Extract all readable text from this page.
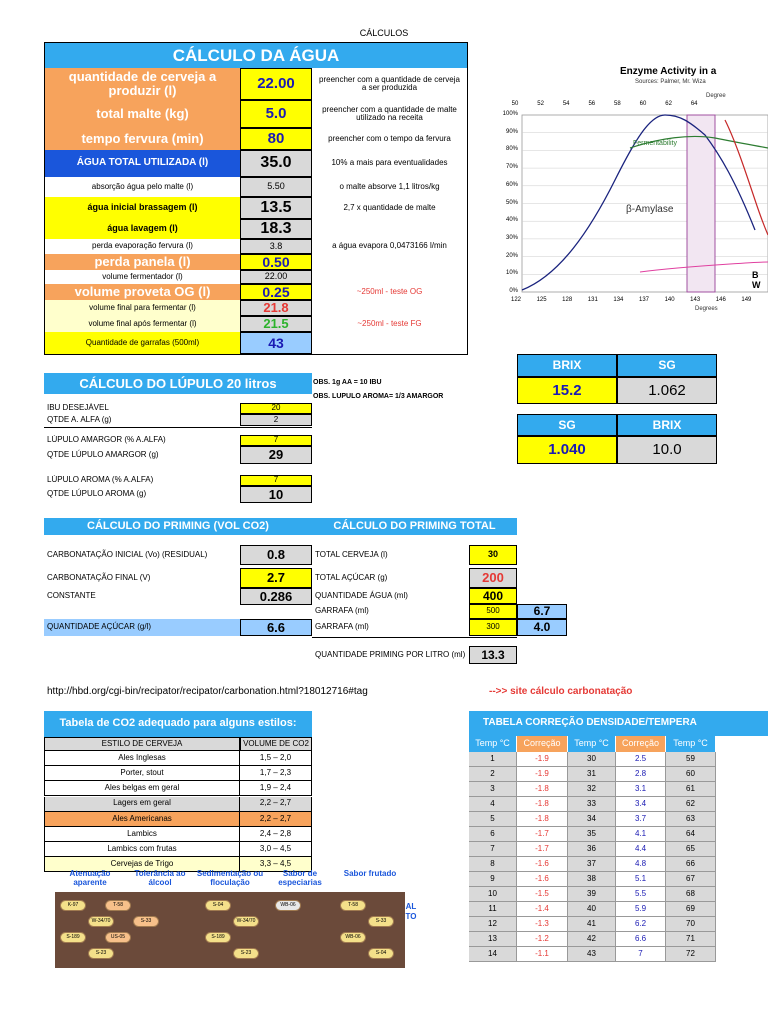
CÁLCULOS
CÁLCULO DA ÁGUA
quantidade de cerveja a produzir (l)	22.00	preencher com a quantidade de cerveja a ser produzida
total malte (kg)	5.0	preencher com a quantidade de malte utilizado na receita
tempo fervura (min)	80	preencher com o tempo da fervura
ÁGUA TOTAL UTILIZADA (l)	35.0	10% a mais para eventualidades
absorção água pelo malte (l)	5.50	o malte absorve 1,1 litros/kg
água inicial brassagem (l)	13.5	2,7 x quantidade de malte
água lavagem (l)	18.3
perda evaporação fervura (l)	3.8	a água evapora 0,0473166 l/min
perda panela (l)	0.50
volume fermentador (l)	22.00
volume proveta OG (l)	0.25	~250ml - teste OG
volume final para fermentar (l)	21.8
volume final após fermentar (l)	21.5	~250ml - teste FG
Quantidade de garrafas (500ml)	43
Enzyme Activity in a
Sources: Palmer, Mr. Wiza
Degree
Fermentability
β-Amylase
B
W
Degrees
50	52	54	56	58	60	62	64
122	125	128	131	134	137	140	143	146	149
100%
90%
80%
70%
60%
50%
40%
30%
20%
10%
0%
BRIX	SG
15.2	1.062
SG	BRIX
1.040	10.0
CÁLCULO DO LÚPULO 20 litros	OBS. 1g AA = 10 IBU
OBS. LUPULO AROMA= 1/3 AMARGOR
IBU DESEJÁVEL	20
QTDE A. ALFA (g)	2
LÚPULO AMARGOR (% A.ALFA)	7
QTDE LÚPULO AMARGOR (g)	29
LÚPULO AROMA (% A.ALFA)	7
QTDE LÚPULO AROMA (g)	10
CÁLCULO DO PRIMING (VOL CO2)	CÁLCULO DO PRIMING TOTAL
CARBONATAÇÃO INICIAL (Vo) (RESIDUAL)	0.8
CARBONATAÇÃO FINAL (V)	2.7
CONSTANTE	0.286
QUANTIDADE AÇÚCAR (g/l)	6.6
TOTAL CERVEJA (l)	30
TOTAL AÇÚCAR (g)	200
QUANTIDADE ÁGUA (ml)	400
GARRAFA (ml)	500	6.7
GARRAFA (ml)	300	4.0
QUANTIDADE PRIMING POR LITRO (ml)	13.3
http://hbd.org/cgi-bin/recipator/recipator/carbonation.html?18012716#tag	-->> site cálculo carbonatação
Tabela de CO2 adequado para alguns estilos:
ESTILO DE CERVEJA	VOLUME DE CO2
Ales Inglesas	1,5 – 2,0
Porter, stout	1,7 – 2,3
Ales belgas em geral	1,9 – 2,4
Lagers em geral	2,2 – 2,7
Ales Americanas	2,2 – 2,7
Lambics	2,4 – 2,8
Lambics com frutas	3,0 – 4,5
Cervejas de Trigo	3,3 – 4,5
Atenuação aparente
Tolerância ao álcool
Sedimentação ou floculação
Sabor de especiarias
Sabor frutado
ALTO
K-97
W-34/70
S-189
S-23
T-58
S-33
US-05
S-04
W-34/70
S-189
S-23
WB-06	T-58
S-33
WB-06
S-04
TABELA CORREÇÃO DENSIDADE/TEMPERA
Temp °C	Correção	Temp °C	Correção	Temp °C
1	-1.9	30	2.5	59
2	-1.9	31	2.8	60
3	-1.8	32	3.1	61
4	-1.8	33	3.4	62
5	-1.8	34	3.7	63
6	-1.7	35	4.1	64
7	-1.7	36	4.4	65
8	-1.6	37	4.8	66
9	-1.6	38	5.1	67
10	-1.5	39	5.5	68
11	-1.4	40	5.9	69
12	-1.3	41	6.2	70
13	-1.2	42	6.6	71
14	-1.1	43	7	72
